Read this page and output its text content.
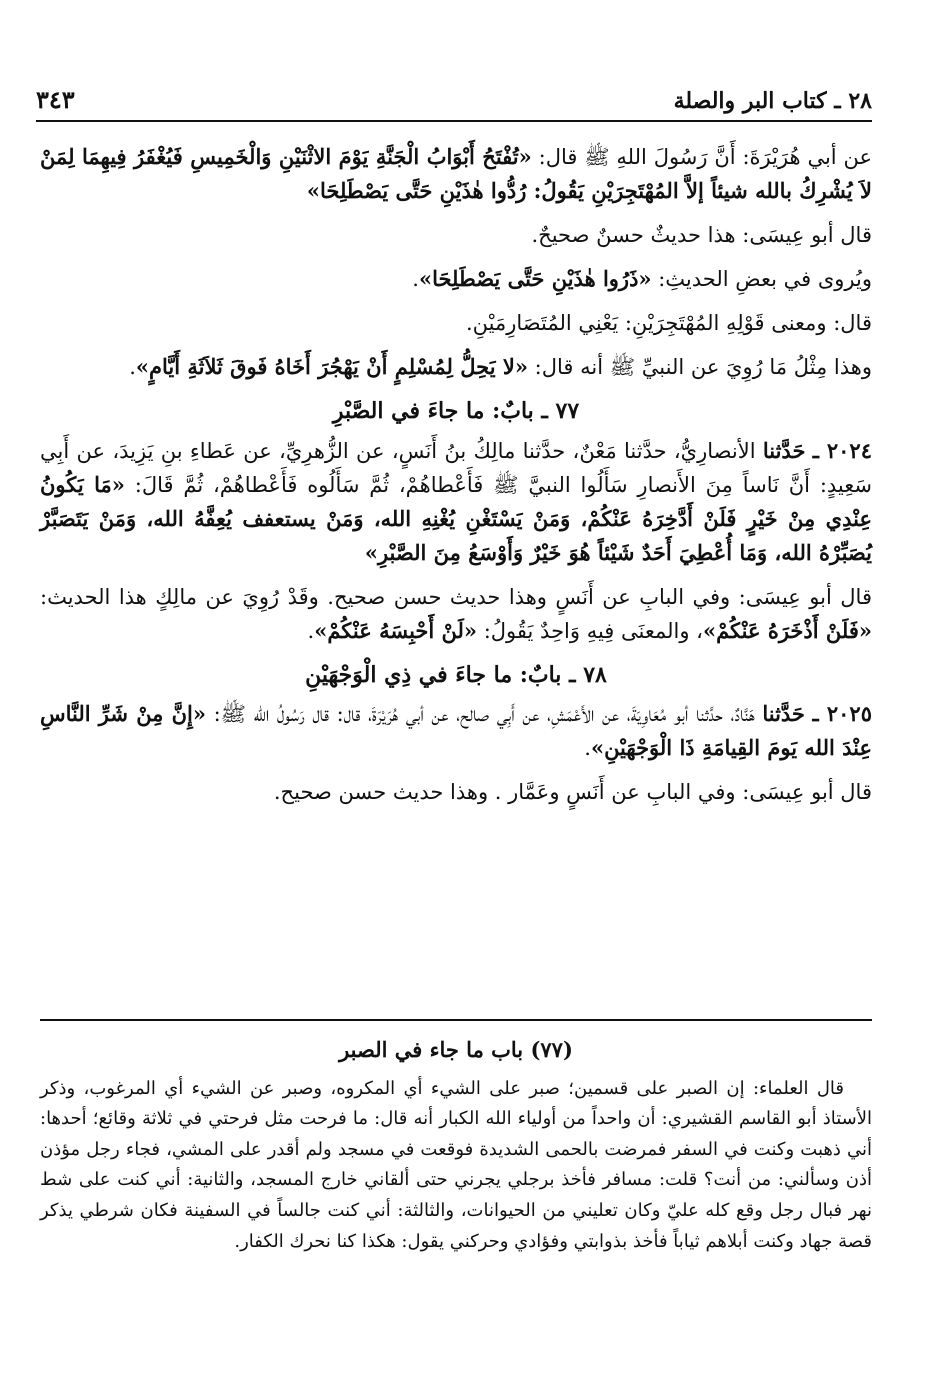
٢٨ ـ كتاب البر والصلة
٣٤٣

عن أبي هُرَيْرَةَ: أَنَّ رَسُولَ اللهِ ﷺ قال: «تُفْتَحُ أَبْوَابُ الْجَنَّةِ يَوْمَ الاثْنَيْنِ وَالْخَمِيسِ فَيُغْفَرُ فِيهِمَا لِمَنْ لاَ يُشْرِكُ بالله شيئاً إلاَّ المُهْتَجِرَيْنِ يَقُولُ: رُدُّوا هٰذَيْنِ حَتَّى يَصْطَلِحَا»

قال أبو عِيسَى: هذا حديثٌ حسنٌ صحيحٌ.

ويُروى في بعضِ الحديثِ: «ذَرُوا هٰذَيْنِ حَتَّى يَصْطَلِحَا».

قال: ومعنى قَوْلِهِ المُهْتَجِرَيْنِ: يَعْنِي المُتَصَارِمَيْنِ.

وهذا مِثْلُ مَا رُوِيَ عن النبيِّ ﷺ أنه قال: «لا يَحِلُّ لِمُسْلِمٍ أَنْ يَهْجُرَ أَخَاهُ فَوقَ ثَلاَثَةِ أَيَّامٍ».

٧٧ ـ بابٌ: ما جاءَ في الصَّبْرِ

٢٠٢٤ ـ حَدَّثنا الأنصارِيُّ، حدَّثنا مَعْنٌ، حدَّثنا مالِكُ بنُ أَنَسٍ، عن الزُّهرِيِّ، عن عَطاءِ بنِ يَزِيدَ، عن أَبِي سَعِيدٍ: أَنَّ نَاساً مِنَ الأَنصارِ سَأَلُوا النبيَّ ﷺ فَأَعْطاهُمْ، ثُمَّ سَأَلُوه فَأَعْطاهُمْ، ثُمَّ قَالَ: «مَا يَكُونُ عِنْدِي مِنْ خَيْرٍ فَلَنْ أَدَّخِرَهُ عَنْكُمْ، وَمَنْ يَسْتَغْنِ يُغْنِهِ الله، وَمَنْ يستعفف يُعِفَّهُ الله، وَمَنْ يَتَصَبَّرْ يُصَبِّرْهُ الله، وَمَا أُعْطِيَ أَحَدٌ شَيْئاً هُوَ خَيْرٌ وَأَوْسَعُ مِنَ الصَّبْرِ»

قال أبو عِيسَى: وفي البابِ عن أَنَسٍ وهذا حديث حسن صحيح. وقَدْ رُوِيَ عن مالِكٍ هذا الحديث: «فَلَنْ أَذْخَرَهُ عَنْكُمْ»، والمعنَى فِيهِ وَاحِدٌ يَقُولُ: «لَنْ أَحْبِسَهُ عَنْكُمْ».

٧٨ ـ بابٌ: ما جاءَ في ذِي الْوَجْهَيْنِ

٢٠٢٥ ـ حَدَّثنا هَنَّادٌ، حدَّثنا أبو مُعَاوِيَةَ، عن الأَعْمَشِ، عن أَبِي صالح، عن أبي هُرَيْرَةَ، قال: قال رَسُولُ الله ﷺ: «إِنَّ مِنْ شَرِّ النَّاسِ عِنْدَ الله يَومَ القِيامَةِ ذَا الْوَجْهَيْنِ».

قال أبو عِيسَى: وفي البابِ عن أَنَسٍ وعَمَّار . وهذا حديث حسن صحيح.

(٧٧) باب ما جاء في الصبر

قال العلماء: إن الصبر على قسمين؛ صبر على الشيء أي المكروه، وصبر عن الشيء أي المرغوب، وذكر الأستاذ أبو القاسم القشيري: أن واحداً من أولياء الله الكبار أنه قال: ما فرحت مثل فرحتي في ثلاثة وقائع؛ أحدها: أني ذهبت وكنت في السفر فمرضت بالحمى الشديدة فوقعت في مسجد ولم أقدر على المشي، فجاء رجل مؤذن أذن وسألني: من أنت؟ قلت: مسافر فأخذ برجلي يجرني حتى ألقاني خارج المسجد، والثانية: أني كنت على شط نهر فبال رجل وقع كله عليّ وكان تعليني من الحيوانات، والثالثة: أني كنت جالساً في السفينة فكان شرطي يذكر قصة جهاد وكنت أبلاهم ثياباً فأخذ بذوابتي وفؤادي وحركني يقول: هكذا كنا نحرك الكفار.
